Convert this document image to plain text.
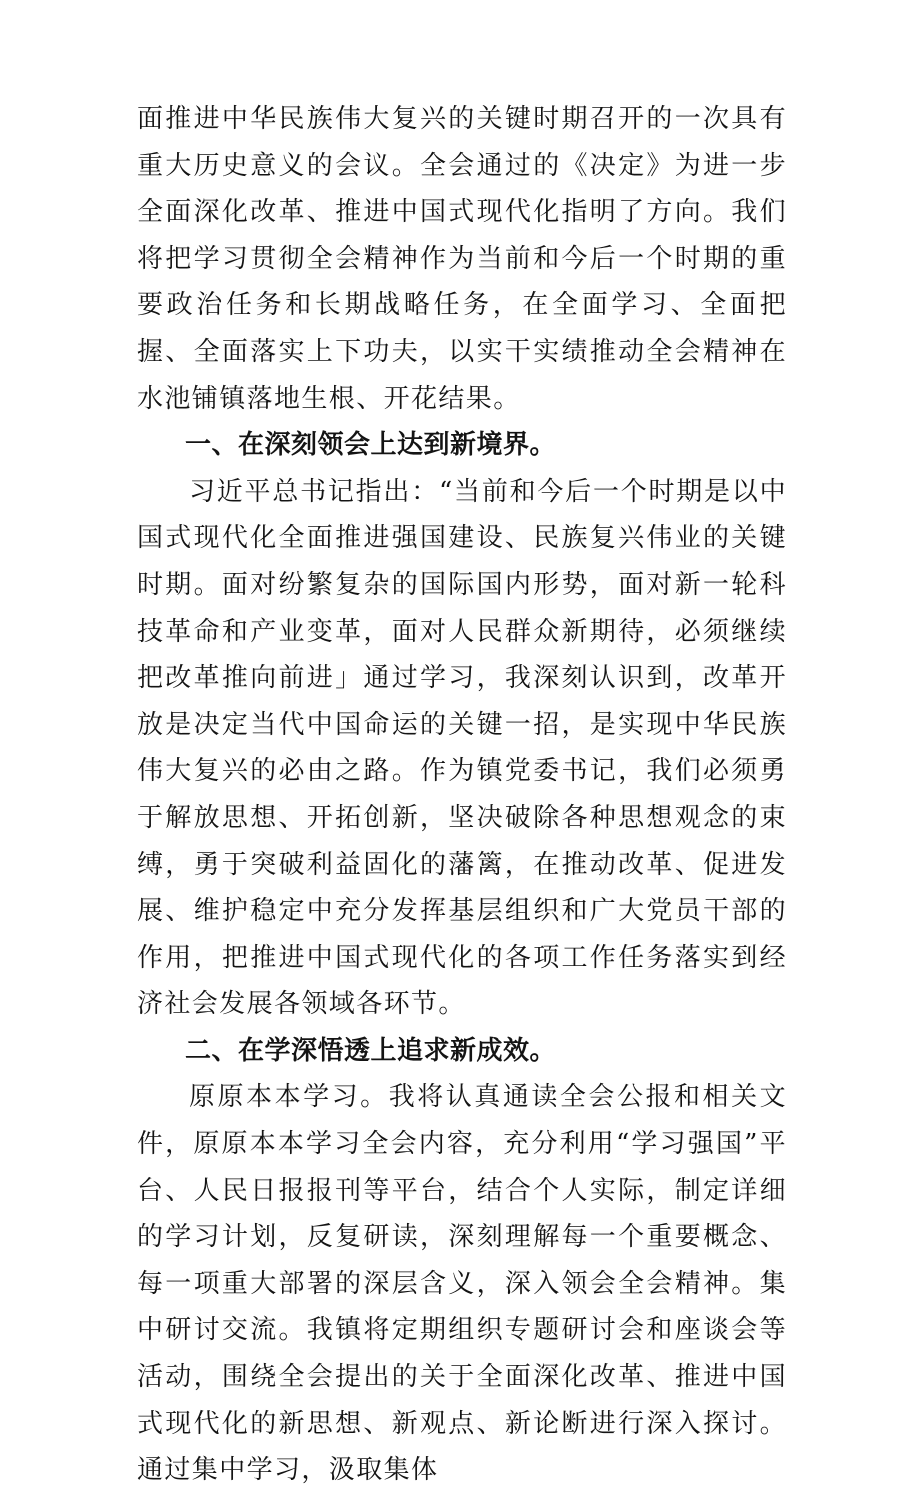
面推进中华民族伟大复兴的关键时期召开的一次具有重大历史意义的会议。全会通过的《决定》为进一步全面深化改革、推进中国式现代化指明了方向。我们将把学习贯彻全会精神作为当前和今后一个时期的重要政治任务和长期战略任务，在全面学习、全面把握、全面落实上下功夫，以实干实绩推动全会精神在水池铺镇落地生根、开花结果。

一、在深刻领会上达到新境界。

习近平总书记指出：“当前和今后一个时期是以中国式现代化全面推进强国建设、民族复兴伟业的关键时期。面对纷繁复杂的国际国内形势，面对新一轮科技革命和产业变革，面对人民群众新期待，必须继续把改革推向前进」通过学习，我深刻认识到，改革开放是决定当代中国命运的关键一招，是实现中华民族伟大复兴的必由之路。作为镇党委书记，我们必须勇于解放思想、开拓创新，坚决破除各种思想观念的束缚，勇于突破利益固化的藩篱，在推动改革、促进发展、维护稳定中充分发挥基层组织和广大党员干部的作用，把推进中国式现代化的各项工作任务落实到经济社会发展各领域各环节。

二、在学深悟透上追求新成效。

原原本本学习。我将认真通读全会公报和相关文件，原原本本学习全会内容，充分利用“学习强国”平台、人民日报报刊等平台，结合个人实际，制定详细的学习计划，反复研读，深刻理解每一个重要概念、每一项重大部署的深层含义，深入领会全会精神。集中研讨交流。我镇将定期组织专题研讨会和座谈会等活动，围绕全会提出的关于全面深化改革、推进中国式现代化的新思想、新观点、新论断进行深入探讨。通过集中学习，汲取集体
